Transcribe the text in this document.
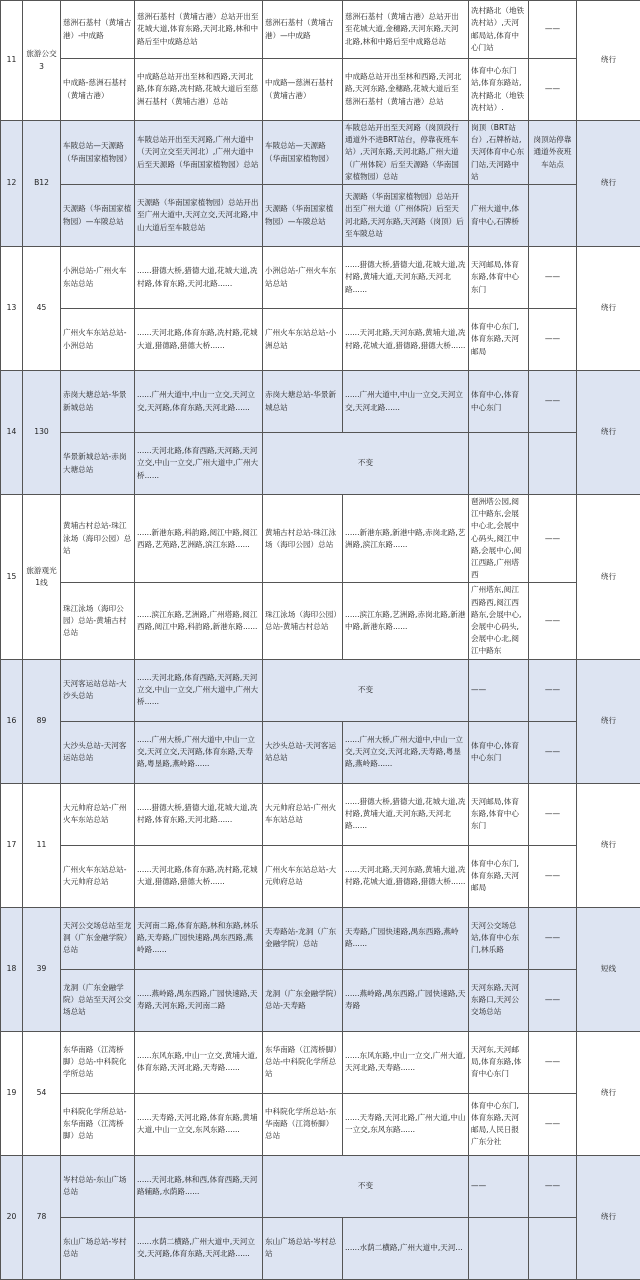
11	旅游公交3	慈洲石基村（黄埔古港）-中成路	慈洲石基村（黄埔古港）总站开出至花城大道,体育东路,天河北路,林和中路后至中成路总站	慈洲石基村（黄埔古港）—中成路	慈洲石基村（黄埔古港）总站开出至花城大道,金穗路,天河东路,天河北路,林和中路后至中成路总站	冼村路北（地铁冼村站）,天河邮局站,体育中心门站	——	绕行
		中成路-慈洲石基村（黄埔古港）	中成路总站开出至林和西路,天河北路,体育东路,冼村路,花城大道后至慈洲石基村（黄埔古港）总站	中成路—慈洲石基村（黄埔古港）	中成路总站开出至林和西路,天河北路,天河东路,金穗路,花城大道后至慈洲石基村（黄埔古港）总站	体育中心东门站,体育东路站,冼村路北（地铁冼村站）.	——	
12	B12	车陂总站—天源路（华南国家植物园）	车陂总站开出至天河路,广州大道中（天河立交至天河北）,广州大道中后至天源路（华南国家植物园）总站	车陂总站—天源路（华南国家植物园）	车陂总站开出至天河路（岗顶段行通道外不进BRT站台，停靠夜班车站）,天河东路,天河北路,广州大道（广州体院）后至天源路（华南国家植物园）总站	岗顶（BRT站台）,石牌桥站,天河体育中心东门站,天河路中站	岗顶站停靠通道外夜班车站点	绕行
		天源路（华南国家植物园）—车陂总站	天源路（华南国家植物园）总站开出至广州大道中,天河立交,天河北路,中山大道后至车陂总站	天源路（华南国家植物园）—车陂总站	天源路（华南国家植物园）总站开出至广州大道（广州体院）后至天河北路,天河东路,天河路（岗顶）后至车陂总站	广州大道中,体育中心,石牌桥		
13	45	小洲总站-广州火车东站总站	......猎德大桥,猎德大道,花城大道,冼村路,体育东路,天河北路......	小洲总站-广州火车东站总站	......猎德大桥,猎德大道,花城大道,冼村路,黄埔大道,天河东路,天河北路......	天河邮局,体育东路,体育中心东门	——	绕行
		广州火车东站总站-小洲总站	......天河北路,体育东路,冼村路,花城大道,猎德路,猎德大桥......	广州火车东站总站-小洲总站	......天河北路,天河东路,黄埔大道,冼村路,花城大道,猎德路,猎德大桥......	体育中心东门,体育东路,天河邮局	——	
14	130	赤岗大塘总站-华景新城总站	......广州大道中,中山一立交,天河立交,天河路,体育东路,天河北路......	赤岗大塘总站-华景新城总站	......广州大道中,中山一立交,天河立交,天河北路......	体育中心,体育中心东门	——	绕行
		华景新城总站-赤岗大塘总站	......天河北路,体育西路,天河路,天河立交,中山一立交,广州大道中,广州大桥......	不变				
15	旅游观光1线	黄埔古村总站-珠江泳场（海印公园）总站	......新港东路,科韵路,阅江中路,阅江西路,艺苑路,艺洲路,滨江东路......	黄埔古村总站-珠江泳场（海印公园）总站	......新港东路,新港中路,赤岗北路,艺洲路,滨江东路......	琶洲塔公园,阅江中路东,会展中心北,会展中心码头,阅江中路,会展中心,阅江西路,广州塔西	——	绕行
		珠江泳场（海印公园）总站-黄埔古村总站	......滨江东路,艺洲路,广州塔路,阅江西路,阅江中路,科韵路,新港东路......	珠江泳场（海印公园）总站-黄埔古村总站	......滨江东路,艺洲路,赤岗北路,新港中路,新港东路......	广州塔东,阅江西路西,阅江西路东,会展中心,会展中心码头,会展中心北,阅江中路东	——	
16	89	天河客运站总站-大沙头总站	......天河北路,体育西路,天河路,天河立交,中山一立交,广州大道中,广州大桥......	不变		——	——	绕行
		大沙头总站-天河客运站总站	......广州大桥,广州大道中,中山一立交,天河立交,天河路,体育东路,天寿路,粤垦路,燕岭路......	大沙头总站-天河客运站总站	......广州大桥,广州大道中,中山一立交,天河立交,天河北路,天寿路,粤垦路,燕岭路......	体育中心,体育中心东门	——	
17	11	大元帅府总站-广州火车东站总站	......猎德大桥,猎德大道,花城大道,冼村路,体育东路,天河北路......	大元帅府总站-广州火车东站总站	......猎德大桥,猎德大道,花城大道,冼村路,黄埔大道,天河东路,天河北路......	天河邮局,体育东路,体育中心东门	——	绕行
		广州火车东站总站-大元帅府总站	......天河北路,体育东路,冼村路,花城大道,猎德路,猎德大桥......	广州火车东站总站-大元帅府总站	......天河北路,天河东路,黄埔大道,冼村路,花城大道,猎德路,猎德大桥......	体育中心东门,体育东路,天河邮局	——	
18	39	天河公交场总站至龙洞（广东金融学院）总站	天河南二路,体育东路,林和东路,林乐路,天寿路,广园快速路,禺东西路,燕岭路......	天寿路站-龙洞（广东金融学院）总站	天寿路,广园快速路,禺东西路,燕岭路......	天河公交场总站,体育中心东门,林乐路	——	短线
		龙洞（广东金融学院）总站至天河公交场总站	......燕岭路,禺东西路,广园快速路,天寿路,天河东路,天河南二路	龙洞（广东金融学院）总站-天寿路	......燕岭路,禺东西路,广园快速路,天寿路	天河东路,天河东路口,天河公交场总站	——	
19	54	东华南路（江湾桥脚）总站-中科院化学所总站	......东风东路,中山一立交,黄埔大道,体育东路,天河北路,天寿路......	东华南路（江湾桥脚）总站-中科院化学所总站	......东风东路,中山一立交,广州大道,天河北路,天寿路......	天河东,天河邮局,体育东路,体育中心东门	——	绕行
		中科院化学所总站-东华南路（江湾桥脚）总站	......天寿路,天河北路,体育东路,黄埔大道,中山一立交,东风东路......	中科院化学所总站-东华南路（江湾桥脚）总站	......天寿路,天河北路,广州大道,中山一立交,东风东路......	体育中心东门,体育东路,天河邮局,人民日报广东分社	——	
20	78	岑村总站-东山广场总站	......天河北路,林和西,体育西路,天河路辅路,水荫路......	不变		——	——	绕行
		东山广场总站-岑村总站	......水荫二横路,广州大道中,天河立交,天河路,体育东路,天河北路......	东山广场总站-岑村总站	......水荫二横路,广州大道中,天河...			
